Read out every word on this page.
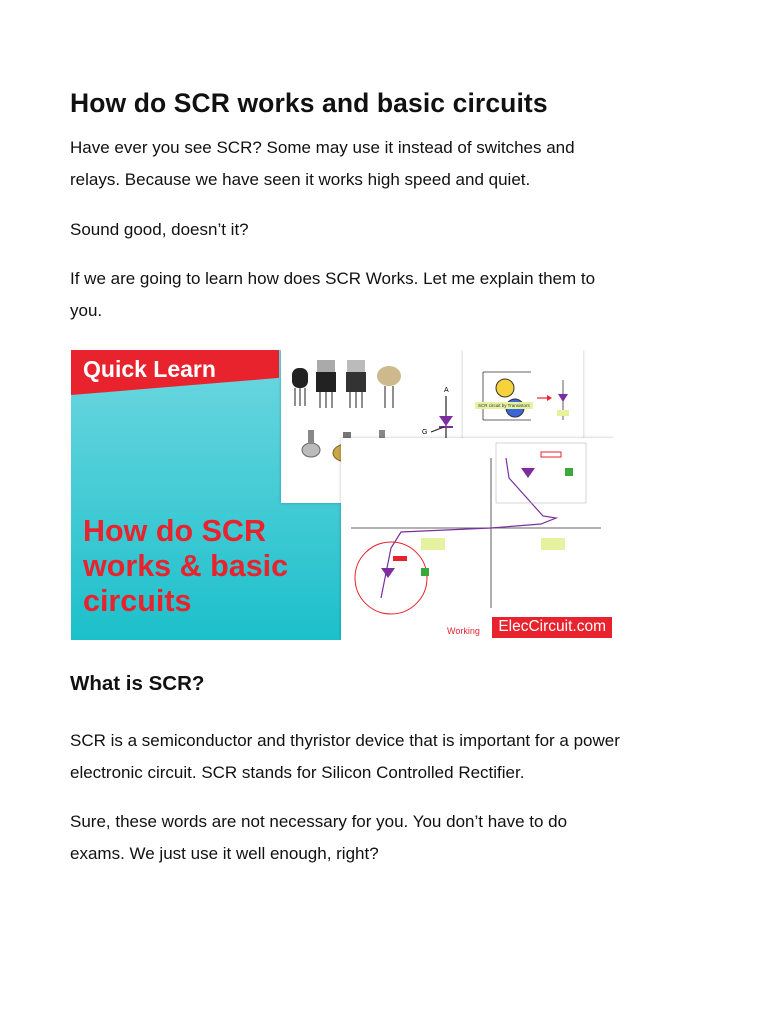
How do SCR works and basic circuits

Have ever you see SCR? Some may use it instead of switches and

relays. Because we have seen it works high speed and quiet.

Sound good, doesn’t it?

If we are going to learn how does SCR Works. Let me explain them to

you.

What is SCR?

SCR is a semiconductor and thyristor device that is important for a power

electronic circuit. SCR stands for Silicon Controlled Rectifier.

Sure, these words are not necessary for you. You don’t have to do

exams. We just use it well enough, right?

Quick Learn
How do SCR
works & basic
circuits
A
G
SCR circuit by Transistors
Working	ElecCircuit.com
